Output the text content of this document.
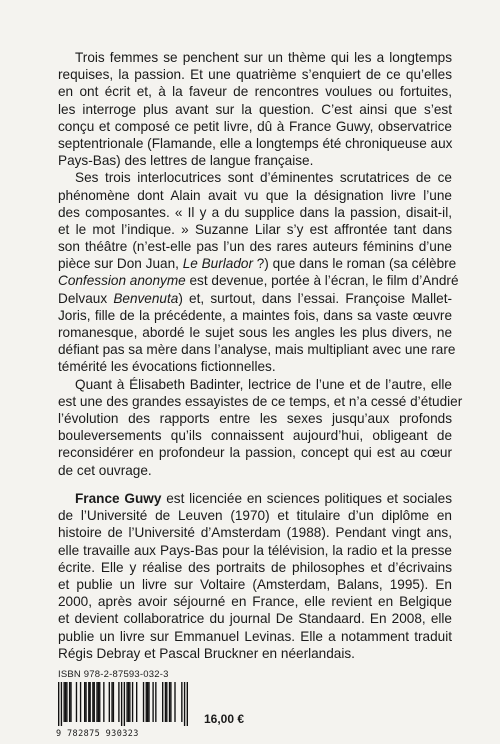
Trois femmes se penchent sur un thème qui les a longtemps
requises, la passion. Et une quatrième s’enquiert de ce qu’elles
en ont écrit et, à la faveur de rencontres voulues ou fortuites,
les interroge plus avant sur la question. C’est ainsi que s’est
conçu et composé ce petit livre, dû à France Guwy, observatrice
septentrionale (Flamande, elle a longtemps été chroniqueuse aux
Pays-Bas) des lettres de langue française.
Ses trois interlocutrices sont d’éminentes scrutatrices de ce
phénomène dont Alain avait vu que la désignation livre l’une
des composantes. « Il y a du supplice dans la passion, disait-il,
et le mot l’indique. » Suzanne Lilar s’y est affrontée tant dans
son théâtre (n’est-elle pas l’un des rares auteurs féminins d’une
pièce sur Don Juan, Le Burlador ?) que dans le roman (sa célèbre
Confession anonyme est devenue, portée à l’écran, le film d’André
Delvaux Benvenuta) et, surtout, dans l’essai. Françoise Mallet-
Joris, fille de la précédente, a maintes fois, dans sa vaste œuvre
romanesque, abordé le sujet sous les angles les plus divers, ne
défiant pas sa mère dans l’analyse, mais multipliant avec une rare
témérité les évocations fictionnelles.
Quant à Élisabeth Badinter, lectrice de l’une et de l’autre, elle
est une des grandes essayistes de ce temps, et n’a cessé d’étudier
l’évolution des rapports entre les sexes jusqu’aux profonds
bouleversements qu’ils connaissent aujourd’hui, obligeant de
reconsidérer en profondeur la passion, concept qui est au cœur
de cet ouvrage.
France Guwy est licenciée en sciences politiques et sociales
de l’Université de Leuven (1970) et titulaire d’un diplôme en
histoire de l’Université d’Amsterdam (1988). Pendant vingt ans,
elle travaille aux Pays-Bas pour la télévision, la radio et la presse
écrite. Elle y réalise des portraits de philosophes et d’écrivains
et publie un livre sur Voltaire (Amsterdam, Balans, 1995). En
2000, après avoir séjourné en France, elle revient en Belgique
et devient collaboratrice du journal De Standaard. En 2008, elle
publie un livre sur Emmanuel Levinas. Elle a notamment traduit
Régis Debray et Pascal Bruckner en néerlandais.
ISBN 978-2-87593-032-3
9 782875 930323
16,00 €
